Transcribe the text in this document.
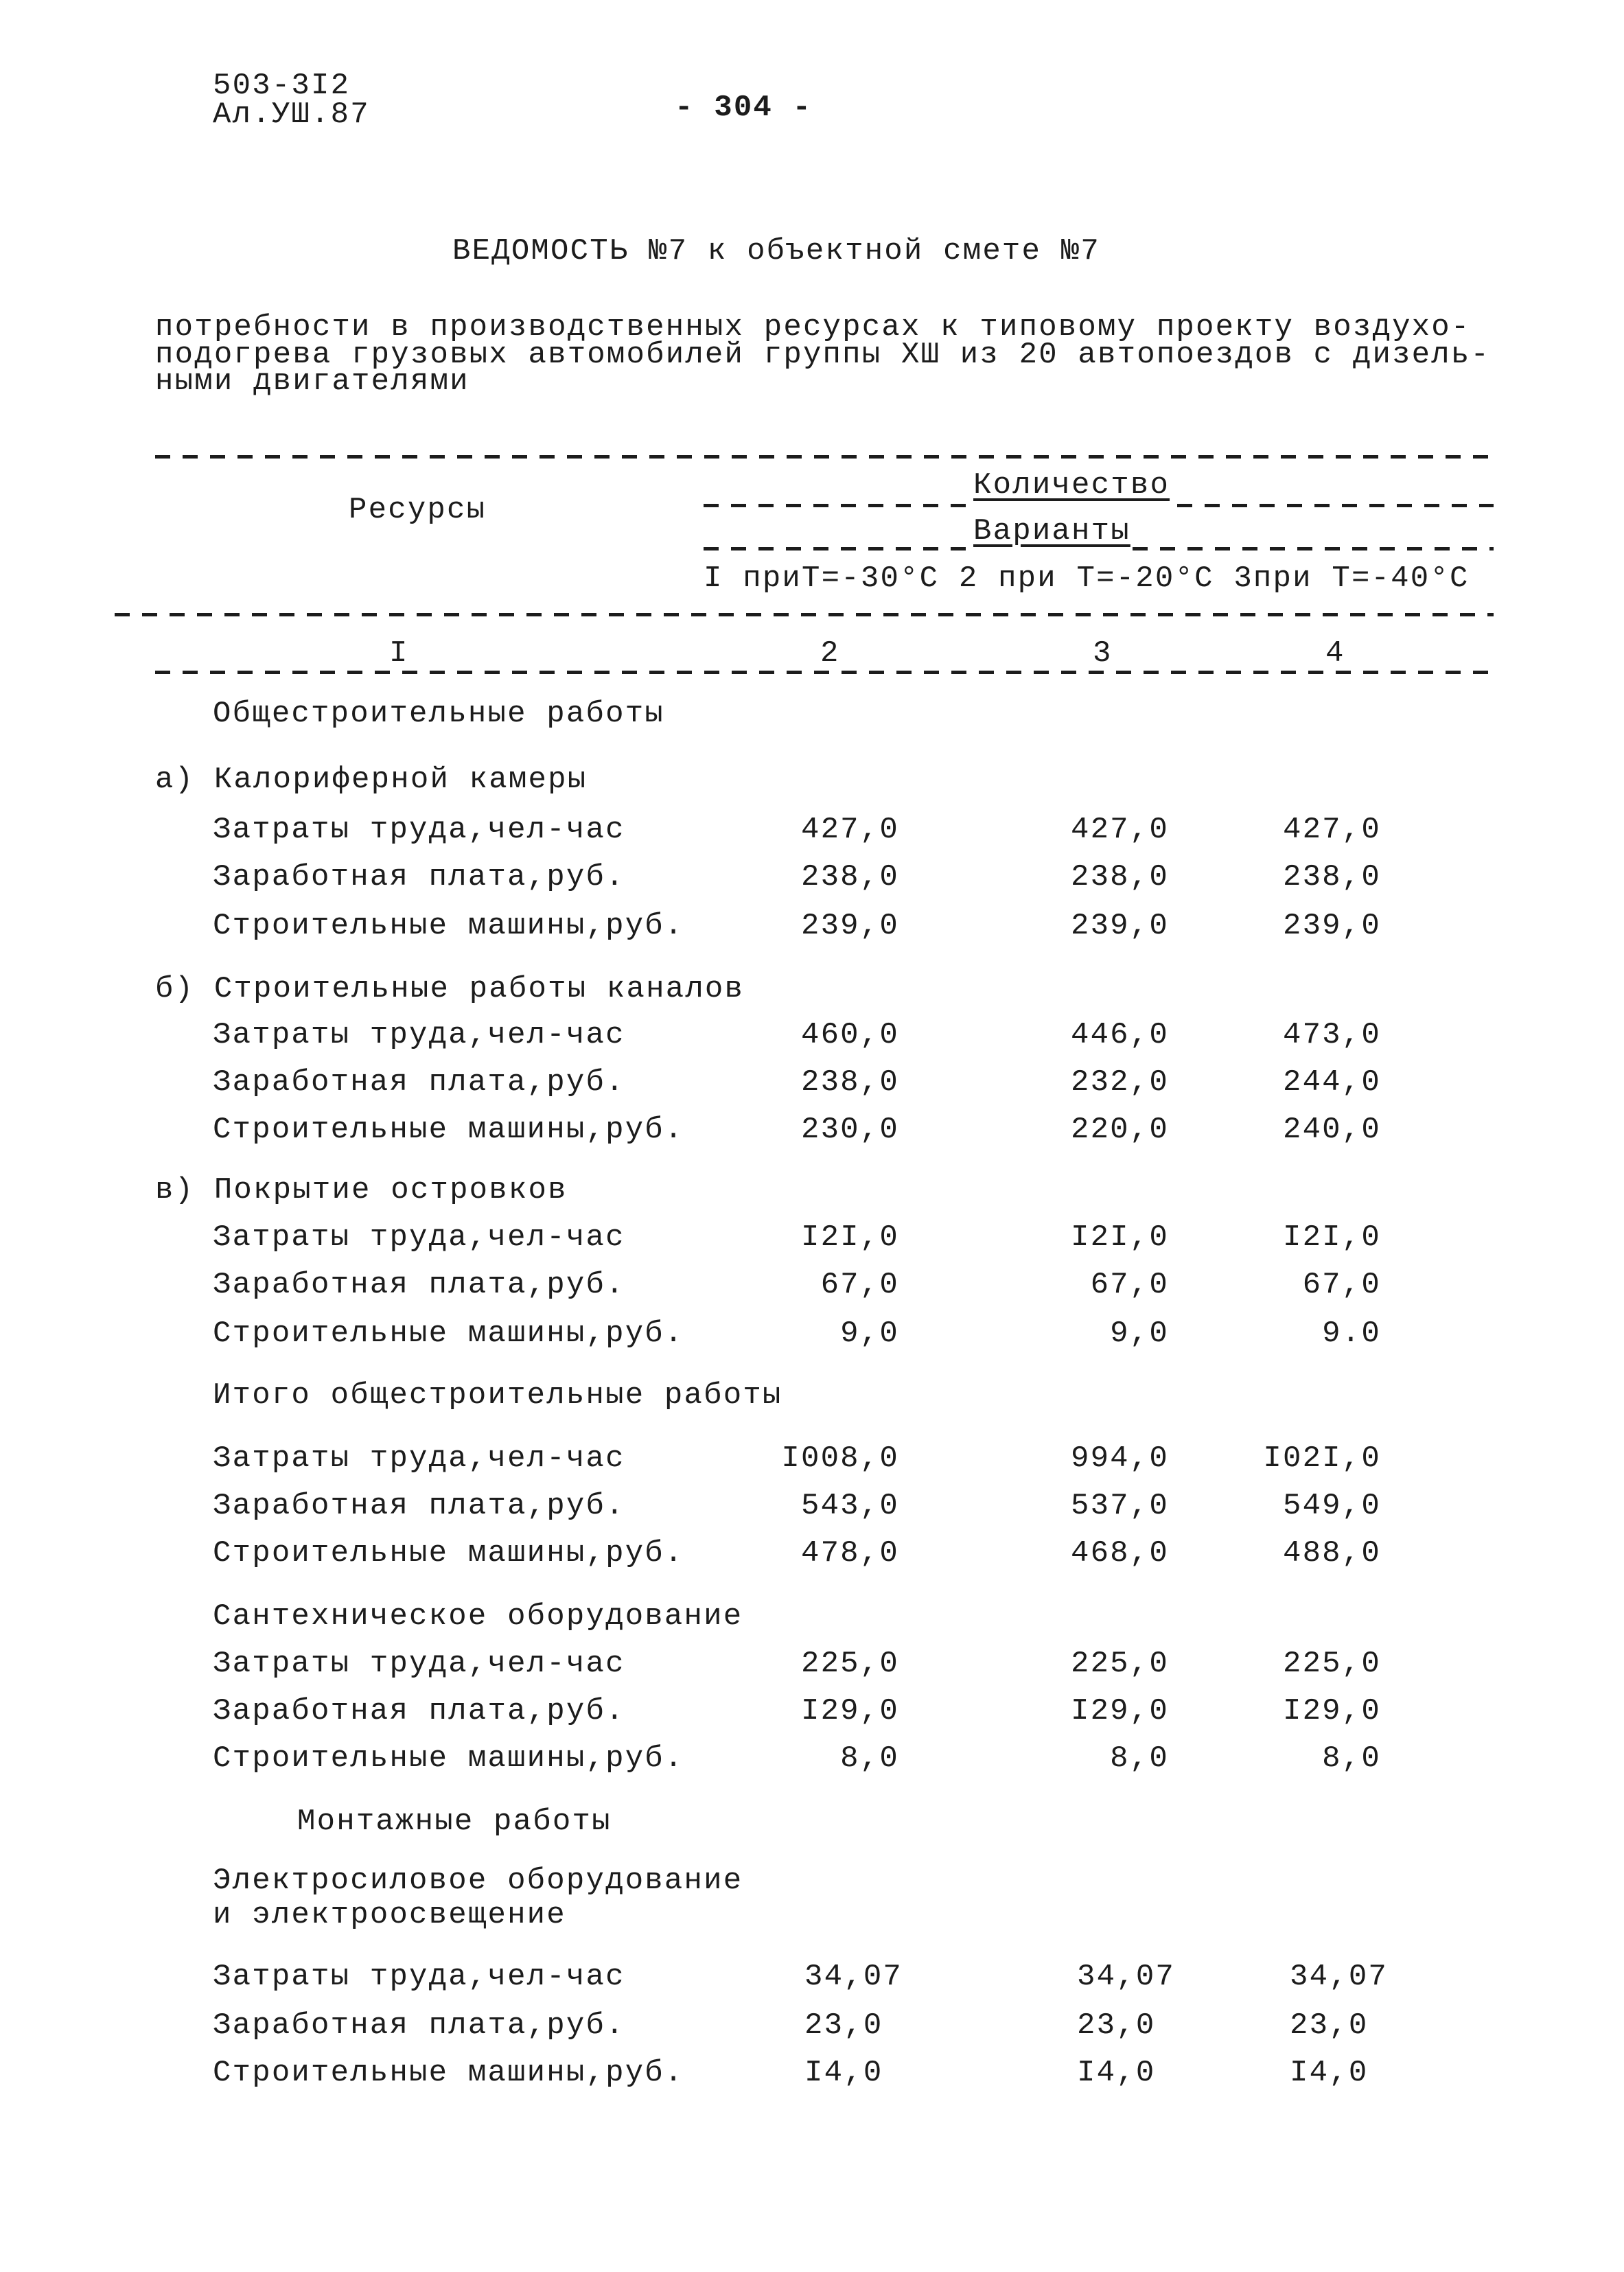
503-3I2
Ал.УШ.87	- 304 -
ВЕДОМОСТЬ №7 к объектной смете №7
потребности в производственных ресурсах к типовому проекту воздухо-
подогрева грузовых автомобилей группы XШ из 20 автопоездов с дизель-
ными двигателями
Ресурсы
Количество
Варианты
I приТ=-30°С 2 при Т=-20°С 3при Т=-40°С
I	2	3	4
Общестроительные работы
а) Калориферной камеры
Затраты труда,чел-час	427,0	427,0	427,0
Заработная плата,руб.	238,0	238,0	238,0
Строительные машины,руб.	239,0	239,0	239,0
б) Строительные работы каналов
Затраты труда,чел-час	460,0	446,0	473,0
Заработная плата,руб.	238,0	232,0	244,0
Строительные машины,руб.	230,0	220,0	240,0
в) Покрытие островков
Затраты труда,чел-час	I2I,0	I2I,0	I2I,0
Заработная плата,руб.	67,0	67,0	67,0
Строительные машины,руб.	9,0	9,0	9.0
Итого общестроительные работы
Затраты труда,чел-час	I008,0	994,0	I02I,0
Заработная плата,руб.	543,0	537,0	549,0
Строительные машины,руб.	478,0	468,0	488,0
Сантехническое оборудование
Затраты труда,чел-час	225,0	225,0	225,0
Заработная плата,руб.	I29,0	I29,0	I29,0
Строительные машины,руб.	8,0	8,0	8,0
Монтажные работы
Электросиловое оборудование
и электроосвещение
Затраты труда,чел-час	34,07	34,07	34,07
Заработная плата,руб.	23,0	23,0	23,0
Строительные машины,руб.	I4,0	I4,0	I4,0
